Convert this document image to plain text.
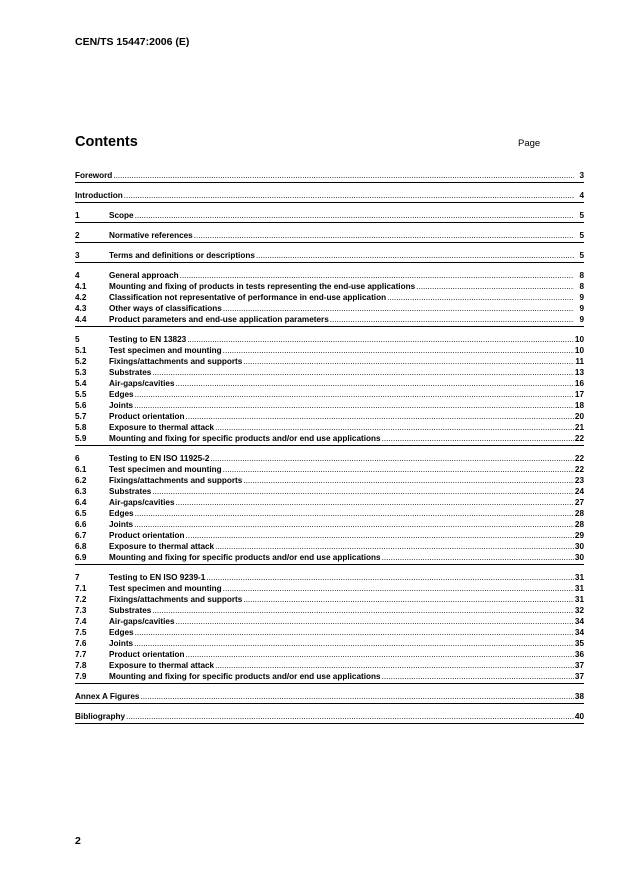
CEN/TS 15447:2006 (E)
Contents	Page
Foreword .....	3
Introduction .....	4
1	Scope .....	5
2	Normative references .....	5
3	Terms and definitions or descriptions .....	5
4	General approach .....	8
4.1	Mounting and fixing of products in tests representing the end-use applications .....	8
4.2	Classification not representative of performance in end-use application .....	9
4.3	Other ways of classifications .....	9
4.4	Product parameters and end-use application parameters .....	9
5	Testing to EN 13823 .....	10
5.1	Test specimen and mounting .....	10
5.2	Fixings/attachments and supports .....	11
5.3	Substrates .....	13
5.4	Air-gaps/cavities .....	16
5.5	Edges .....	17
5.6	Joints .....	18
5.7	Product orientation .....	20
5.8	Exposure to thermal attack .....	21
5.9	Mounting and fixing for specific products and/or end use applications .....	22
6	Testing to EN ISO 11925-2 .....	22
6.1	Test specimen and mounting .....	22
6.2	Fixings/attachments and supports .....	23
6.3	Substrates .....	24
6.4	Air-gaps/cavities .....	27
6.5	Edges .....	28
6.6	Joints .....	28
6.7	Product orientation .....	29
6.8	Exposure to thermal attack .....	30
6.9	Mounting and fixing for specific products and/or end use applications .....	30
7	Testing to EN ISO 9239-1 .....	31
7.1	Test specimen and mounting .....	31
7.2	Fixings/attachments and supports .....	31
7.3	Substrates .....	32
7.4	Air-gaps/cavities .....	34
7.5	Edges .....	34
7.6	Joints .....	35
7.7	Product orientation .....	36
7.8	Exposure to thermal attack .....	37
7.9	Mounting and fixing for specific products and/or end use applications .....	37
Annex A Figures .....	38
Bibliography .....	40
2
